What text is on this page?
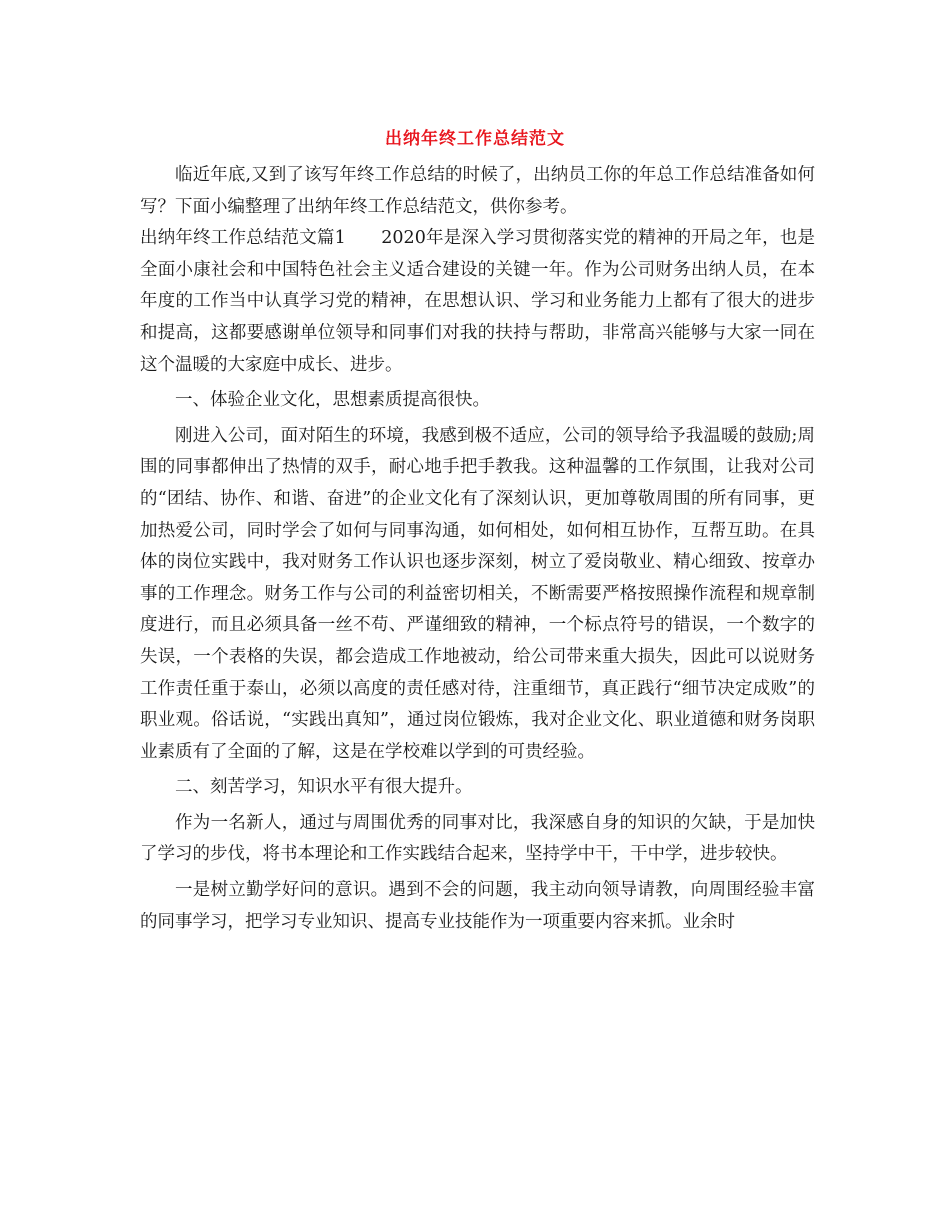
出纳年终工作总结范文

临近年底,又到了该写年终工作总结的时候了，出纳员工你的年总工作总结准备如何写？下面小编整理了出纳年终工作总结范文，供你参考。

出纳年终工作总结范文篇1　　2020年是深入学习贯彻落实党的精神的开局之年，也是全面小康社会和中国特色社会主义适合建设的关键一年。作为公司财务出纳人员，在本年度的工作当中认真学习党的精神，在思想认识、学习和业务能力上都有了很大的进步和提高，这都要感谢单位领导和同事们对我的扶持与帮助，非常高兴能够与大家一同在这个温暖的大家庭中成长、进步。

一、体验企业文化，思想素质提高很快。

刚进入公司，面对陌生的环境，我感到极不适应，公司的领导给予我温暖的鼓励;周围的同事都伸出了热情的双手，耐心地手把手教我。这种温馨的工作氛围，让我对公司的“团结、协作、和谐、奋进”的企业文化有了深刻认识，更加尊敬周围的所有同事，更加热爱公司，同时学会了如何与同事沟通，如何相处，如何相互协作，互帮互助。在具体的岗位实践中，我对财务工作认识也逐步深刻，树立了爱岗敬业、精心细致、按章办事的工作理念。财务工作与公司的利益密切相关，不断需要严格按照操作流程和规章制度进行，而且必须具备一丝不苟、严谨细致的精神，一个标点符号的错误，一个数字的失误，一个表格的失误，都会造成工作地被动，给公司带来重大损失，因此可以说财务工作责任重于泰山，必须以高度的责任感对待，注重细节，真正践行“细节决定成败”的职业观。俗话说，“实践出真知”，通过岗位锻炼，我对企业文化、职业道德和财务岗职业素质有了全面的了解，这是在学校难以学到的可贵经验。

二、刻苦学习，知识水平有很大提升。

作为一名新人，通过与周围优秀的同事对比，我深感自身的知识的欠缺，于是加快了学习的步伐，将书本理论和工作实践结合起来，坚持学中干，干中学，进步较快。

一是树立勤学好问的意识。遇到不会的问题，我主动向领导请教，向周围经验丰富的同事学习，把学习专业知识、提高专业技能作为一项重要内容来抓。业余时
